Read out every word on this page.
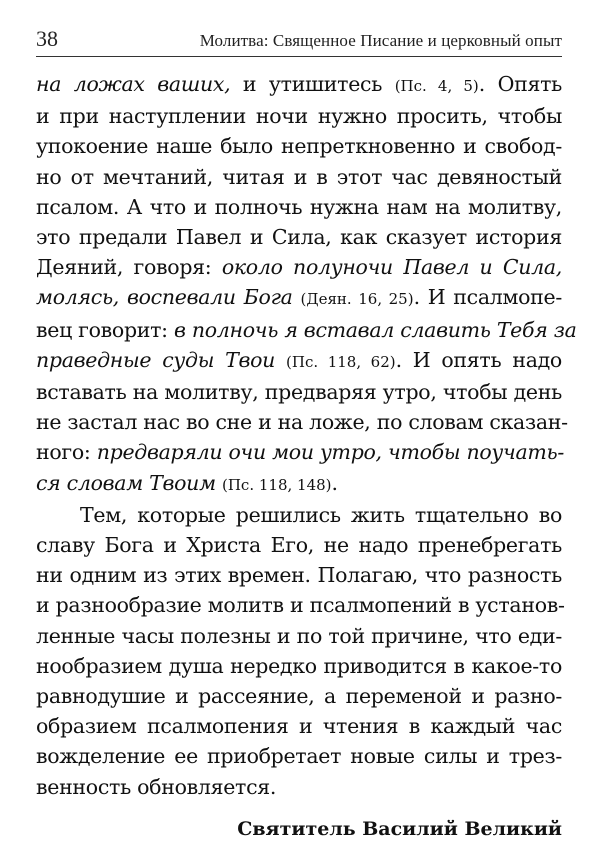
38	Молитва: Священное Писание и церковный опыт
на ложах ваших, и утишитесь (Пс. 4, 5). Опять
и при наступлении ночи нужно просить, чтобы
упокоение наше было непреткновенно и свобод-
но от мечтаний, читая и в этот час девяностый
псалом. А что и полночь нужна нам на молитву,
это предали Павел и Сила, как сказует история
Деяний, говоря: около полуночи Павел и Сила,
молясь, воспевали Бога (Деян. 16, 25). И псалмопе-
вец говорит: в полночь я вставал славить Тебя за
праведные суды Твои (Пс. 118, 62). И опять надо
вставать на молитву, предваряя утро, чтобы день
не застал нас во сне и на ложе, по словам сказан-
ного: предваряли очи мои утро, чтобы поучать-
ся словам Твоим (Пс. 118, 148).
Тем, которые решились жить тщательно во
славу Бога и Христа Его, не надо пренебрегать
ни одним из этих времен. Полагаю, что разность
и разнообразие молитв и псалмопений в установ-
ленные часы полезны и по той причине, что еди-
нообразием душа нередко приводится в какое-то
равнодушие и рассеяние, а переменой и разно-
образием псалмопения и чтения в каждый час
вожделение ее приобретает новые силы и трез-
венность обновляется.
Святитель Василий Великий
